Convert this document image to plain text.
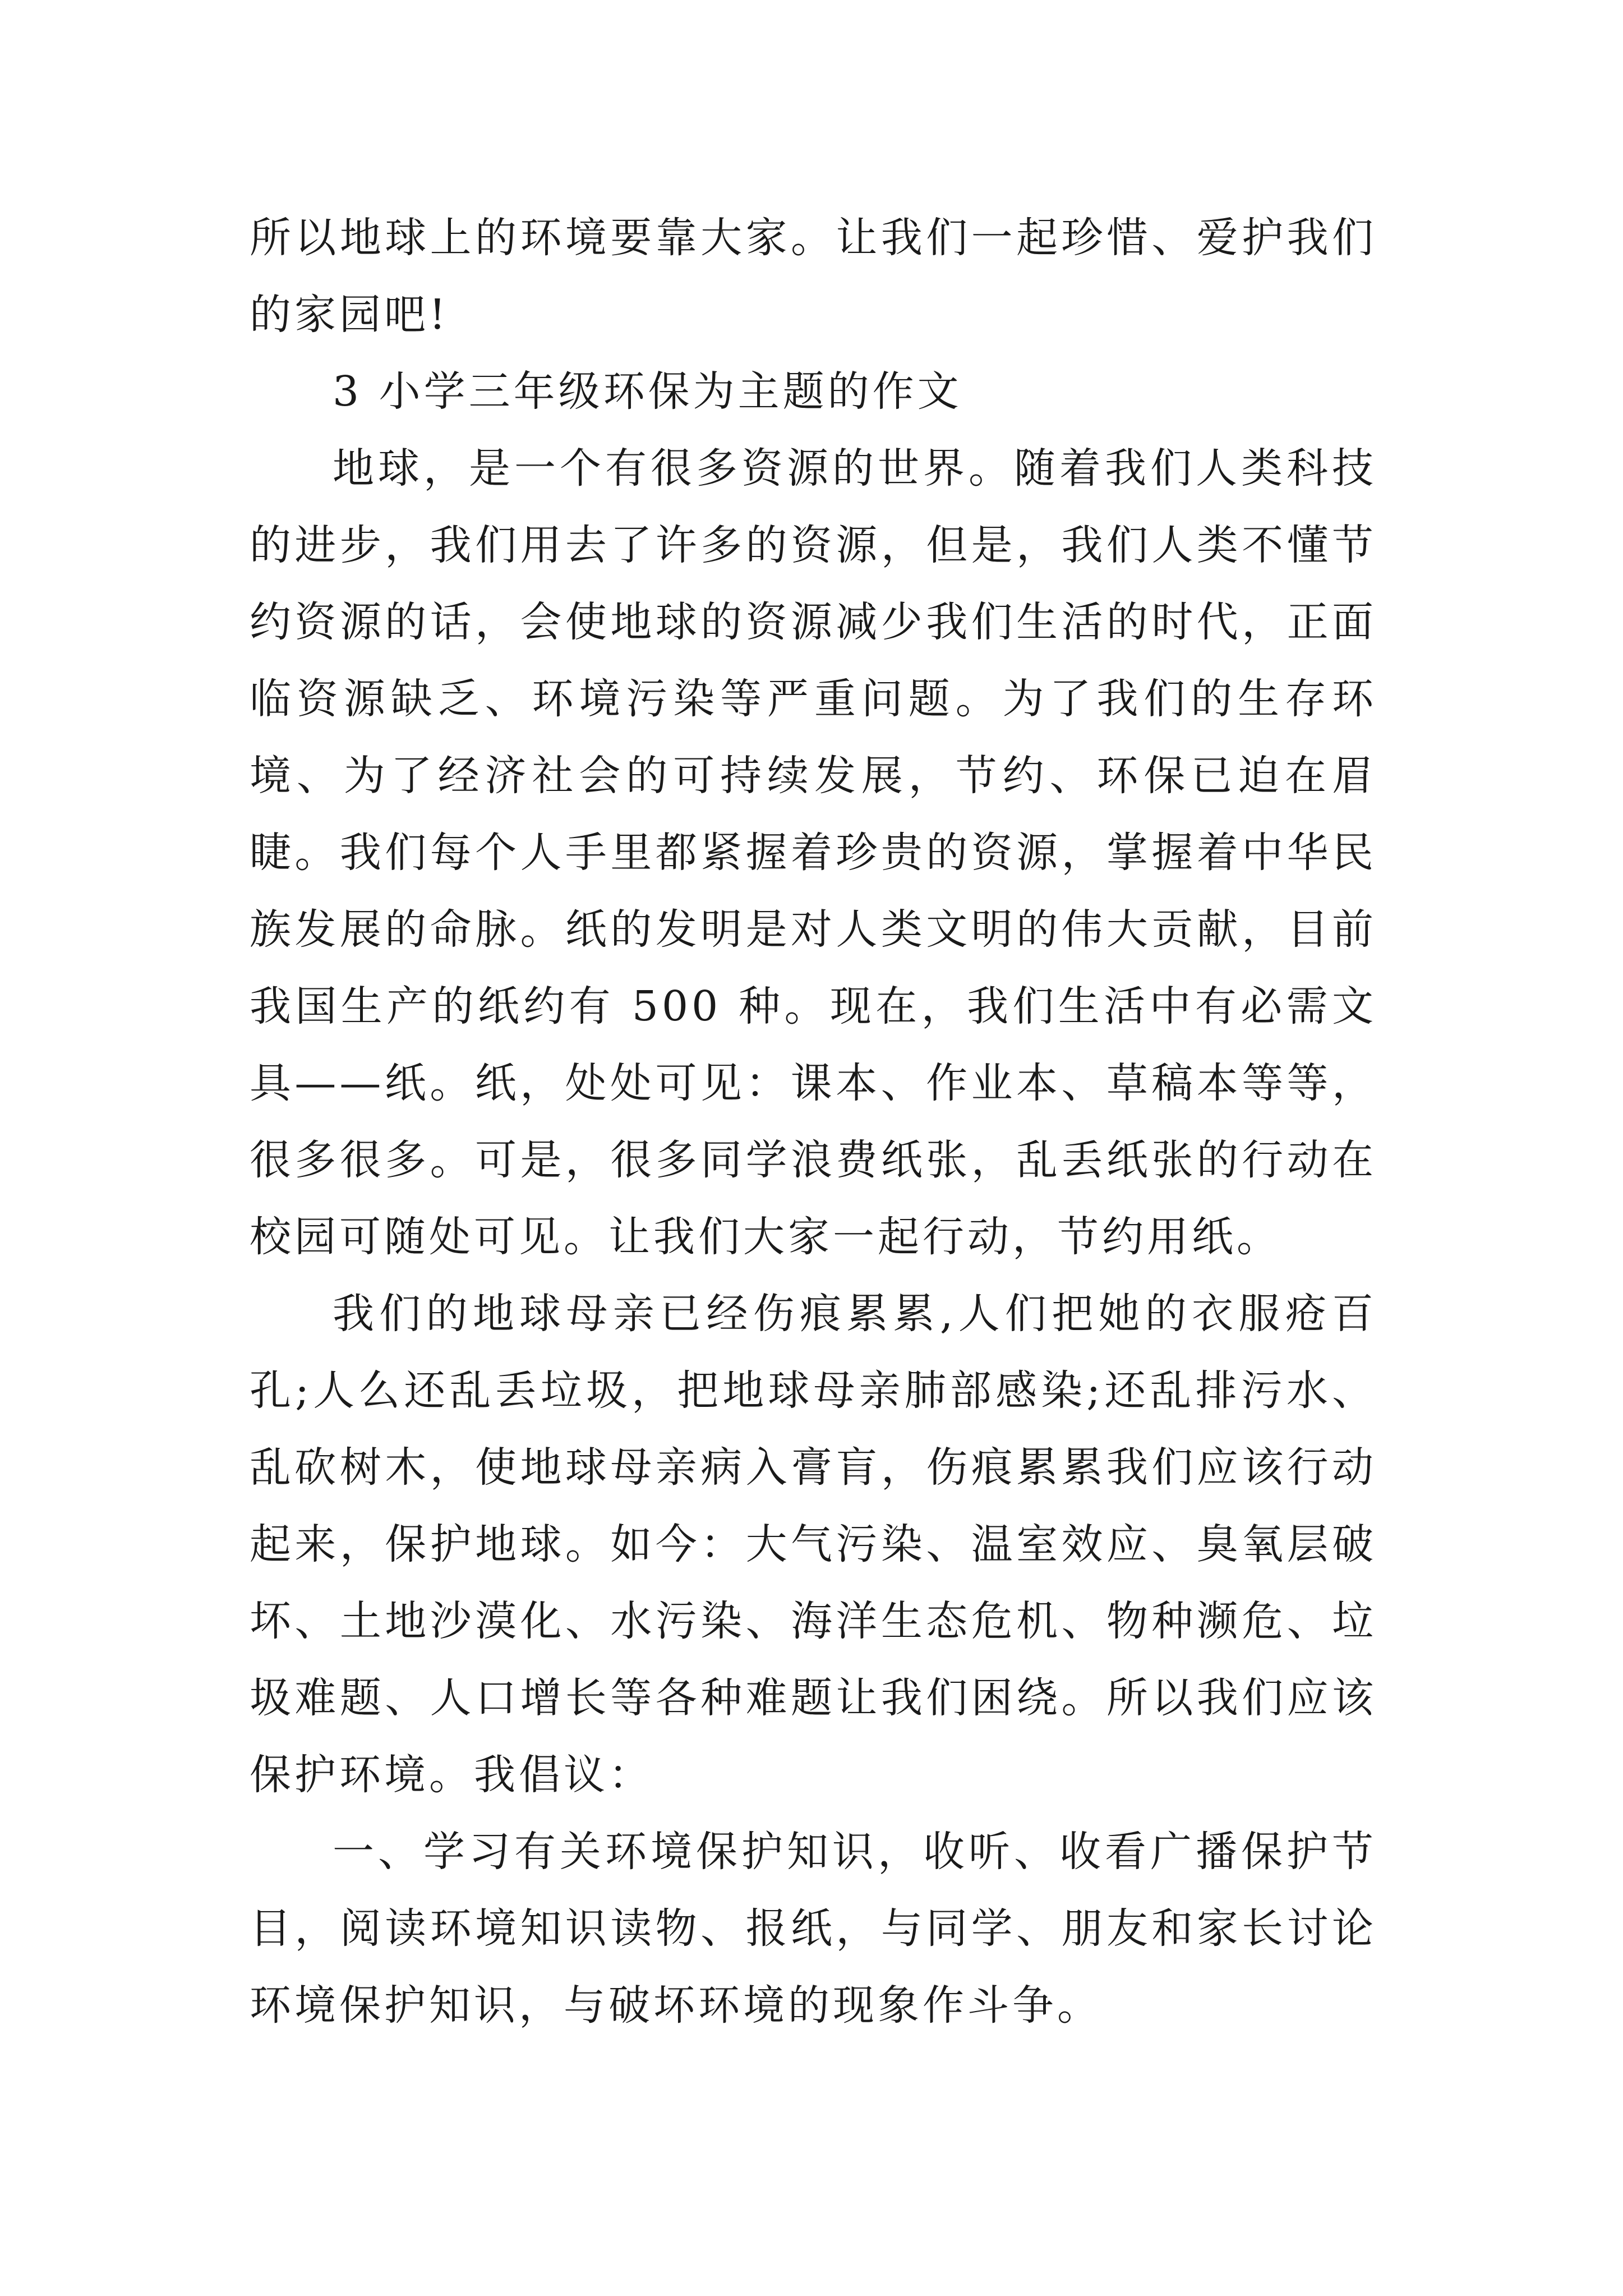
所以地球上的环境要靠大家。让我们一起珍惜、爱护我们的家园吧!

3 小学三年级环保为主题的作文

地球，是一个有很多资源的世界。随着我们人类科技的进步，我们用去了许多的资源，但是，我们人类不懂节约资源的话，会使地球的资源减少我们生活的时代，正面临资源缺乏、环境污染等严重问题。为了我们的生存环境、为了经济社会的可持续发展，节约、环保已迫在眉睫。我们每个人手里都紧握着珍贵的资源，掌握着中华民族发展的命脉。纸的发明是对人类文明的伟大贡献，目前我国生产的纸约有 500 种。现在，我们生活中有必需文具——纸。纸，处处可见：课本、作业本、草稿本等等，很多很多。可是，很多同学浪费纸张，乱丢纸张的行动在校园可随处可见。让我们大家一起行动，节约用纸。

我们的地球母亲已经伤痕累累,人们把她的衣服疮百孔;人么还乱丢垃圾，把地球母亲肺部感染;还乱排污水、乱砍树木，使地球母亲病入膏肓，伤痕累累我们应该行动起来，保护地球。如今：大气污染、温室效应、臭氧层破坏、土地沙漠化、水污染、海洋生态危机、物种濒危、垃圾难题、人口增长等各种难题让我们困绕。所以我们应该保护环境。我倡议：

一、学习有关环境保护知识，收听、收看广播保护节目，阅读环境知识读物、报纸，与同学、朋友和家长讨论环境保护知识，与破坏环境的现象作斗争。
